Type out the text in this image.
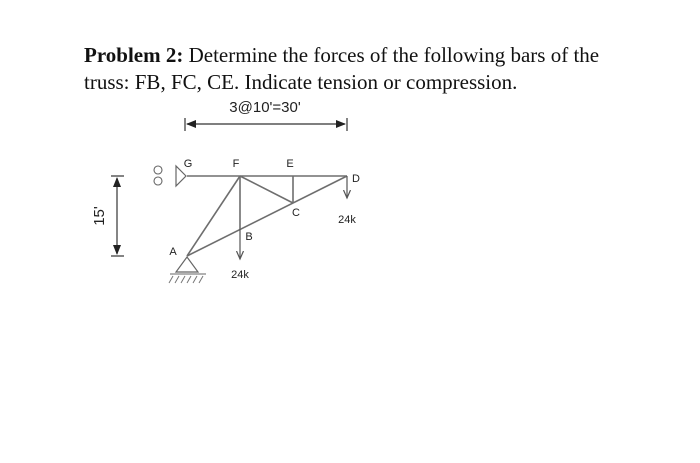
Problem 2: Determine the forces of the following bars of the truss: FB, FC, CE. Indicate tension or compression.
3@10'=30'
15'
24k
24k
G	F	E
D
C
B
A
